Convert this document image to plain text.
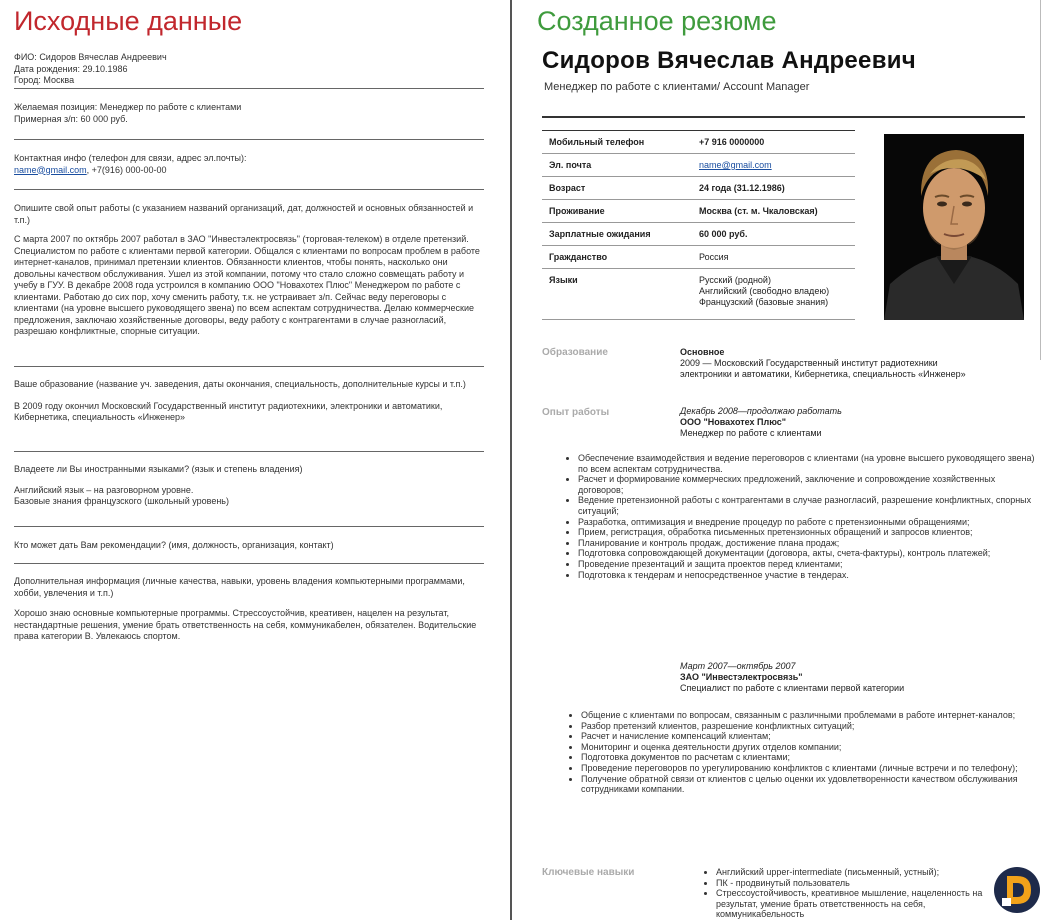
Исходные данные

ФИО: Сидоров Вячеслав Андреевич

Дата рождения: 29.10.1986

Город: Москва

Желаемая позиция: Менеджер по работе с клиентами

Примерная з/п: 60 000 руб.

Контактная инфо (телефон для связи, адрес эл.почты):

name@gmail.com, +7(916) 000-00-00

Опишите свой опыт работы (с указанием названий организаций, дат, должностей и основных обязанностей и т.п.)

С марта 2007 по октябрь 2007 работал в ЗАО "Инвестэлектросвязь" (торговая-телеком) в отделе претензий. Специалистом по работе с клиентами первой категории. Общался с клиентами по вопросам проблем в работе интернет-каналов, принимал претензии клиентов. Обязанности клиентов, чтобы понять, насколько они довольны качеством обслуживания. Ушел из этой компании, потому что стало сложно совмещать работу и учебу в ГУУ. В декабре 2008 года устроился в компанию ООО "Новахотех Плюс" Менеджером по работе с клиентами. Работаю до сих пор, хочу сменить работу, т.к. не устраивает з/п. Сейчас веду переговоры с клиентами (на уровне высшего руководящего звена) по всем аспектам сотрудничества. Делаю коммерческие предложения, заключаю хозяйственные договоры, веду работу с контрагентами в случае разногласий, разрешаю конфликтные, спорные ситуации.

Ваше образование (название уч. заведения, даты окончания, специальность, дополнительные курсы и т.п.)

В 2009 году окончил Московский Государственный институт радиотехники, электроники и автоматики, Кибернетика, специальность «Инженер»

Владеете ли Вы иностранными языками? (язык и степень владения)

Английский язык – на разговорном уровне.

Базовые знания французского (школьный уровень)

Кто может дать Вам рекомендации? (имя, должность, организация, контакт)

Дополнительная информация (личные качества, навыки, уровень владения компьютерными программами, хобби, увлечения и т.п.)

Хорошо знаю основные компьютерные программы. Стрессоустойчив, креативен, нацелен на результат, нестандартные решения, умение брать ответственность на себя, коммуникабелен, обязателен. Водительские права категории B. Увлекаюсь спортом.

Созданное резюме
Сидоров Вячеслав Андреевич
Менеджер по работе с клиентами/ Account Manager
Мобильный телефон	+7 916 0000000
Эл. почта	name@gmail.com
Возраст	24 года (31.12.1986)
Проживание	Москва (ст. м. Чкаловская)
Зарплатные ожидания	60 000 руб.
Гражданство	Россия
Языки	Русский (родной)
Английский (свободно владею)
Французский (базовые знания)
Образование	Основное

2009 — Московский Государственный институт радиотехники

электроники и автоматики, Кибернетика, специальность «Инженер»

Опыт работы	Декабрь 2008—продолжаю работать

ООО "Новахотех Плюс"

Менеджер по работе с клиентами

• Обеспечение взаимодействия и ведение переговоров с клиентами (на уровне высшего руководящего звена) по всем аспектам сотрудничества.
• Расчет и формирование коммерческих предложений, заключение и сопровождение хозяйственных договоров;
• Ведение претензионной работы с контрагентами в случае разногласий, разрешение конфликтных, спорных ситуаций;
• Разработка, оптимизация и внедрение процедур по работе с претензионными обращениями;
• Прием, регистрация, обработка письменных претензионных обращений и запросов клиентов;
• Планирование и контроль продаж, достижение плана продаж;
• Подготовка сопровождающей документации (договора, акты, счета-фактуры), контроль платежей;
• Проведение презентаций и защита проектов перед клиентами;
• Подготовка к тендерам и непосредственное участие в тендерах.

Март 2007—октябрь 2007

ЗАО "Инвестэлектросвязь"

Специалист по работе с клиентами первой категории

• Общение с клиентами по вопросам, связанным с различными проблемами в работе интернет-каналов;
• Разбор претензий клиентов, разрешение конфликтных ситуаций;
• Расчет и начисление компенсаций клиентам;
• Мониторинг и оценка деятельности других отделов компании;
• Подготовка документов по расчетам с клиентами;
• Проведение переговоров по урегулированию конфликтов с клиентами (личные встречи и по телефону);
• Получение обратной связи от клиентов с целью оценки их удовлетворенности качеством обслуживания сотрудниками компании.
Ключевые навыки
•	Английский upper-intermediate (письменный, устный);
• ПК - продвинутый пользователь
• Стрессоустойчивость, креативное мышление, нацеленность на результат, умение брать ответственность на себя, коммуникабельность
